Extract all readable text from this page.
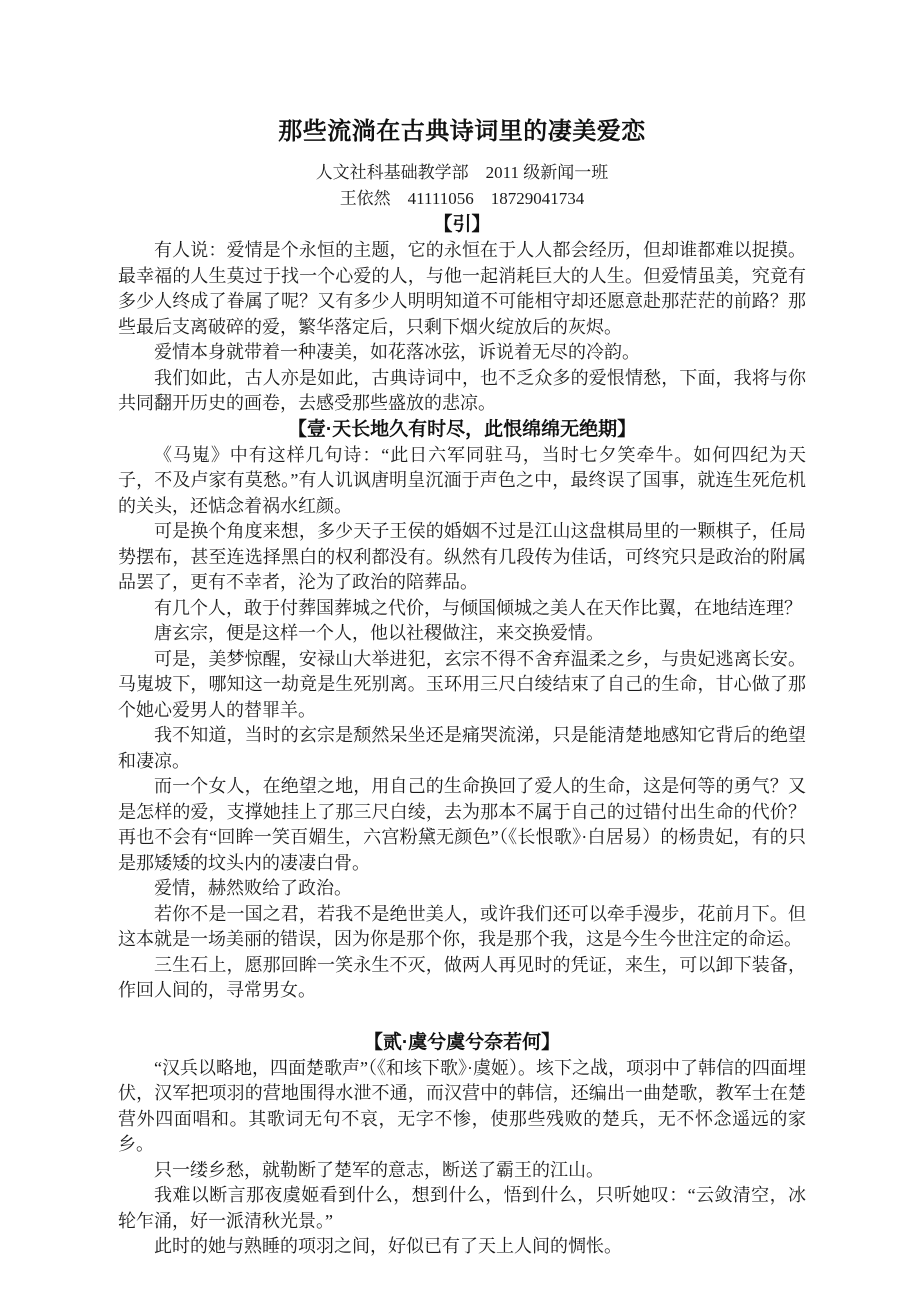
那些流淌在古典诗词里的凄美爱恋
人文社科基础教学部　2011 级新闻一班
王依然　41111056　18729041734
【引】

有人说：爱情是个永恒的主题，它的永恒在于人人都会经历，但却谁都难以捉摸。最幸福的人生莫过于找一个心爱的人，与他一起消耗巨大的人生。但爱情虽美，究竟有多少人终成了眷属了呢？又有多少人明明知道不可能相守却还愿意赴那茫茫的前路？那些最后支离破碎的爱，繁华落定后，只剩下烟火绽放后的灰烬。

爱情本身就带着一种凄美，如花落冰弦，诉说着无尽的冷韵。

我们如此，古人亦是如此，古典诗词中，也不乏众多的爱恨情愁，下面，我将与你共同翻开历史的画卷，去感受那些盛放的悲凉。

【壹·天长地久有时尽，此恨绵绵无绝期】

《马嵬》中有这样几句诗：“此日六军同驻马，当时七夕笑牵牛。如何四纪为天子，不及卢家有莫愁。”有人讥讽唐明皇沉湎于声色之中，最终误了国事，就连生死危机的关头，还惦念着祸水红颜。

可是换个角度来想，多少天子王侯的婚姻不过是江山这盘棋局里的一颗棋子，任局势摆布，甚至连选择黑白的权利都没有。纵然有几段传为佳话，可终究只是政治的附属品罢了，更有不幸者，沦为了政治的陪葬品。

有几个人，敢于付葬国葬城之代价，与倾国倾城之美人在天作比翼，在地结连理？

唐玄宗，便是这样一个人，他以社稷做注，来交换爱情。

可是，美梦惊醒，安禄山大举进犯，玄宗不得不舍弃温柔之乡，与贵妃逃离长安。马嵬坡下，哪知这一劫竟是生死别离。玉环用三尺白绫结束了自己的生命，甘心做了那个她心爱男人的替罪羊。

我不知道，当时的玄宗是颓然呆坐还是痛哭流涕，只是能清楚地感知它背后的绝望和凄凉。

而一个女人，在绝望之地，用自己的生命换回了爱人的生命，这是何等的勇气？又是怎样的爱，支撑她挂上了那三尺白绫，去为那本不属于自己的过错付出生命的代价？再也不会有“回眸一笑百媚生，六宫粉黛无颜色”（《长恨歌》·白居易）的杨贵妃，有的只是那矮矮的坟头内的凄凄白骨。

爱情，赫然败给了政治。

若你不是一国之君，若我不是绝世美人，或许我们还可以牵手漫步，花前月下。但这本就是一场美丽的错误，因为你是那个你，我是那个我，这是今生今世注定的命运。

三生石上，愿那回眸一笑永生不灭，做两人再见时的凭证，来生，可以卸下装备，作回人间的，寻常男女。

【贰·虞兮虞兮奈若何】

“汉兵以略地，四面楚歌声”（《和垓下歌》·虞姬）。垓下之战，项羽中了韩信的四面埋伏，汉军把项羽的营地围得水泄不通，而汉营中的韩信，还编出一曲楚歌，教军士在楚营外四面唱和。其歌词无句不哀，无字不惨，使那些残败的楚兵，无不怀念遥远的家乡。

只一缕乡愁，就勒断了楚军的意志，断送了霸王的江山。

我难以断言那夜虞姬看到什么，想到什么，悟到什么，只听她叹：“云敛清空，冰轮乍涌，好一派清秋光景。”

此时的她与熟睡的项羽之间，好似已有了天上人间的惆怅。
